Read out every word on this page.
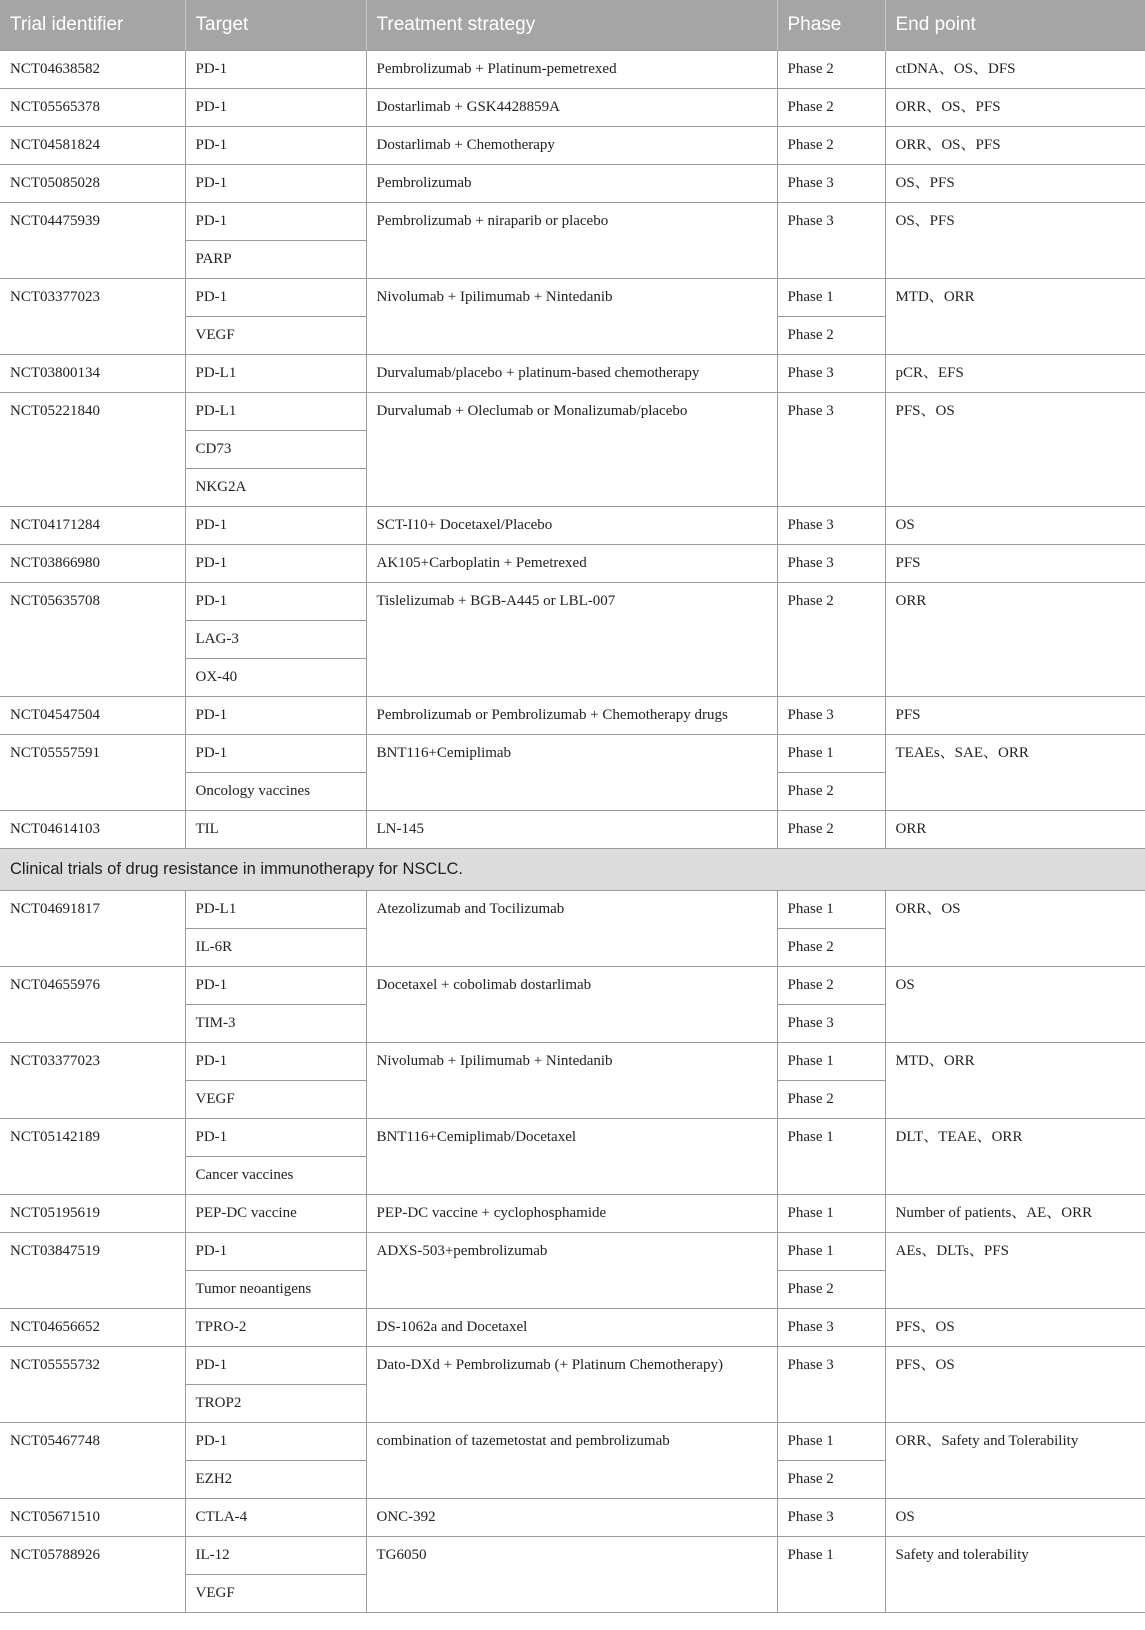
Trial identifier	Target	Treatment strategy	Phase	End point
NCT04638582	PD-1	Pembrolizumab + Platinum-pemetrexed	Phase 2	ctDNA、OS、DFS
NCT05565378	PD-1	Dostarlimab + GSK4428859A	Phase 2	ORR、OS、PFS
NCT04581824	PD-1	Dostarlimab + Chemotherapy	Phase 2	ORR、OS、PFS
NCT05085028	PD-1	Pembrolizumab	Phase 3	OS、PFS
NCT04475939	PD-1	Pembrolizumab + niraparib or placebo	Phase 3	OS、PFS
	PARP			
NCT03377023	PD-1	Nivolumab + Ipilimumab + Nintedanib	Phase 1	MTD、ORR
	VEGF		Phase 2	
NCT03800134	PD-L1	Durvalumab/placebo + platinum-based chemotherapy	Phase 3	pCR、EFS
NCT05221840	PD-L1	Durvalumab + Oleclumab or Monalizumab/placebo	Phase 3	PFS、OS
	CD73			
	NKG2A			
NCT04171284	PD-1	SCT-I10+ Docetaxel/Placebo	Phase 3	OS
NCT03866980	PD-1	AK105+Carboplatin + Pemetrexed	Phase 3	PFS
NCT05635708	PD-1	Tislelizumab + BGB-A445 or LBL-007	Phase 2	ORR
	LAG-3			
	OX-40			
NCT04547504	PD-1	Pembrolizumab or Pembrolizumab + Chemotherapy drugs	Phase 3	PFS
NCT05557591	PD-1	BNT116+Cemiplimab	Phase 1	TEAEs、SAE、ORR
	Oncology vaccines		Phase 2	
NCT04614103	TIL	LN-145	Phase 2	ORR
Clinical trials of drug resistance in immunotherapy for NSCLC.				
NCT04691817	PD-L1	Atezolizumab and Tocilizumab	Phase 1	ORR、OS
	IL-6R		Phase 2	
NCT04655976	PD-1	Docetaxel + cobolimab dostarlimab	Phase 2	OS
	TIM-3		Phase 3	
NCT03377023	PD-1	Nivolumab + Ipilimumab + Nintedanib	Phase 1	MTD、ORR
	VEGF		Phase 2	
NCT05142189	PD-1	BNT116+Cemiplimab/Docetaxel	Phase 1	DLT、TEAE、ORR
	Cancer vaccines			
NCT05195619	PEP-DC vaccine	PEP-DC vaccine + cyclophosphamide	Phase 1	Number of patients、AE、ORR
NCT03847519	PD-1	ADXS-503+pembrolizumab	Phase 1	AEs、DLTs、PFS
	Tumor neoantigens		Phase 2	
NCT04656652	TPRO-2	DS-1062a and Docetaxel	Phase 3	PFS、OS
NCT05555732	PD-1	Dato-DXd + Pembrolizumab (+ Platinum Chemotherapy)	Phase 3	PFS、OS
	TROP2			
NCT05467748	PD-1	combination of tazemetostat and pembrolizumab	Phase 1	ORR、Safety and Tolerability
	EZH2		Phase 2	
NCT05671510	CTLA-4	ONC-392	Phase 3	OS
NCT05788926	IL-12	TG6050	Phase 1	Safety and tolerability
	VEGF			
